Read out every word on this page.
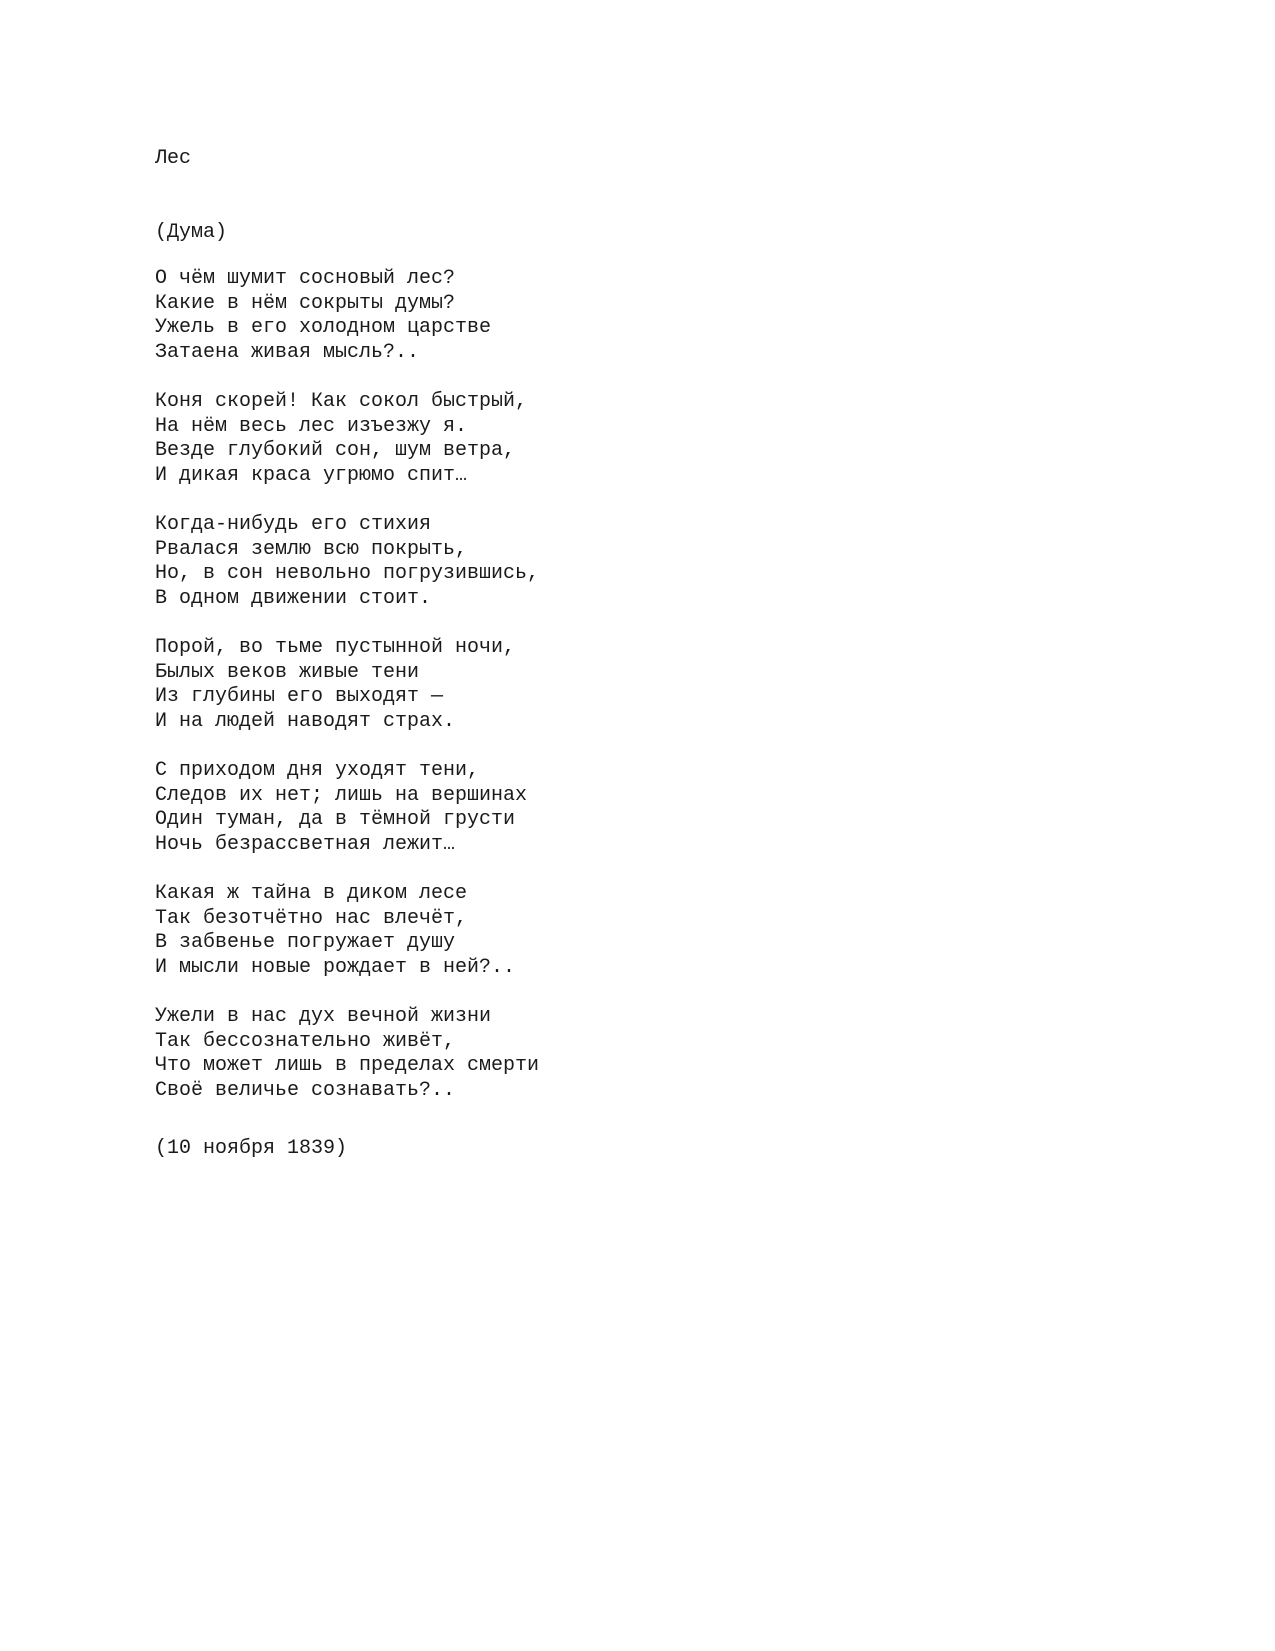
Лес
(Дума)
О чём шумит сосновый лес?
Какие в нём сокрыты думы?
Ужель в его холодном царстве
Затаена живая мысль?..
Коня скорей! Как сокол быстрый,
На нём весь лес изъезжу я.
Везде глубокий сон, шум ветра,
И дикая краса угрюмо спит…
Когда-нибудь его стихия
Рвалася землю всю покрыть,
Но, в сон невольно погрузившись,
В одном движении стоит.
Порой, во тьме пустынной ночи,
Былых веков живые тени
Из глубины его выходят —
И на людей наводят страх.
С приходом дня уходят тени,
Следов их нет; лишь на вершинах
Один туман, да в тёмной грусти
Ночь безрассветная лежит…
Какая ж тайна в диком лесе
Так безотчётно нас влечёт,
В забвенье погружает душу
И мысли новые рождает в ней?..
Ужели в нас дух вечной жизни
Так бессознательно живёт,
Что может лишь в пределах смерти
Своё величье сознавать?..
(10 ноября 1839)
